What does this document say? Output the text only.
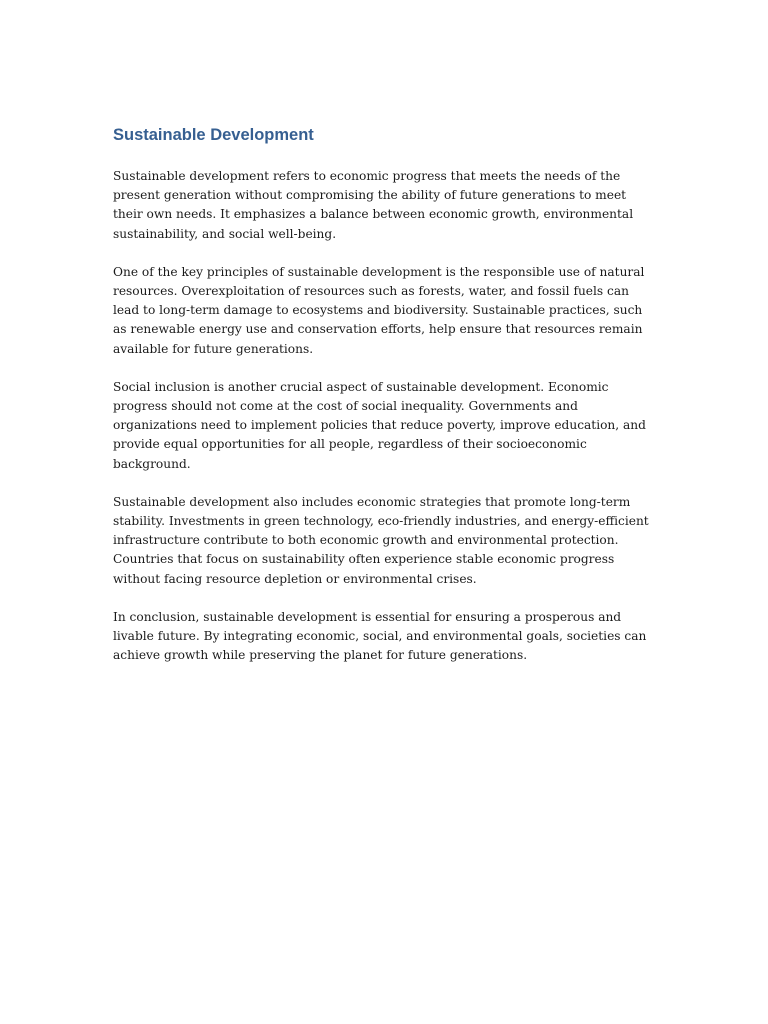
Sustainable Development

Sustainable development refers to economic progress that meets the needs of the present generation without compromising the ability of future generations to meet their own needs. It emphasizes a balance between economic growth, environmental sustainability, and social well-being.

One of the key principles of sustainable development is the responsible use of natural resources. Overexploitation of resources such as forests, water, and fossil fuels can lead to long-term damage to ecosystems and biodiversity. Sustainable practices, such as renewable energy use and conservation efforts, help ensure that resources remain available for future generations.

Social inclusion is another crucial aspect of sustainable development. Economic progress should not come at the cost of social inequality. Governments and organizations need to implement policies that reduce poverty, improve education, and provide equal opportunities for all people, regardless of their socioeconomic background.

Sustainable development also includes economic strategies that promote long-term stability. Investments in green technology, eco-friendly industries, and energy-efficient infrastructure contribute to both economic growth and environmental protection. Countries that focus on sustainability often experience stable economic progress without facing resource depletion or environmental crises.

In conclusion, sustainable development is essential for ensuring a prosperous and livable future. By integrating economic, social, and environmental goals, societies can achieve growth while preserving the planet for future generations.
